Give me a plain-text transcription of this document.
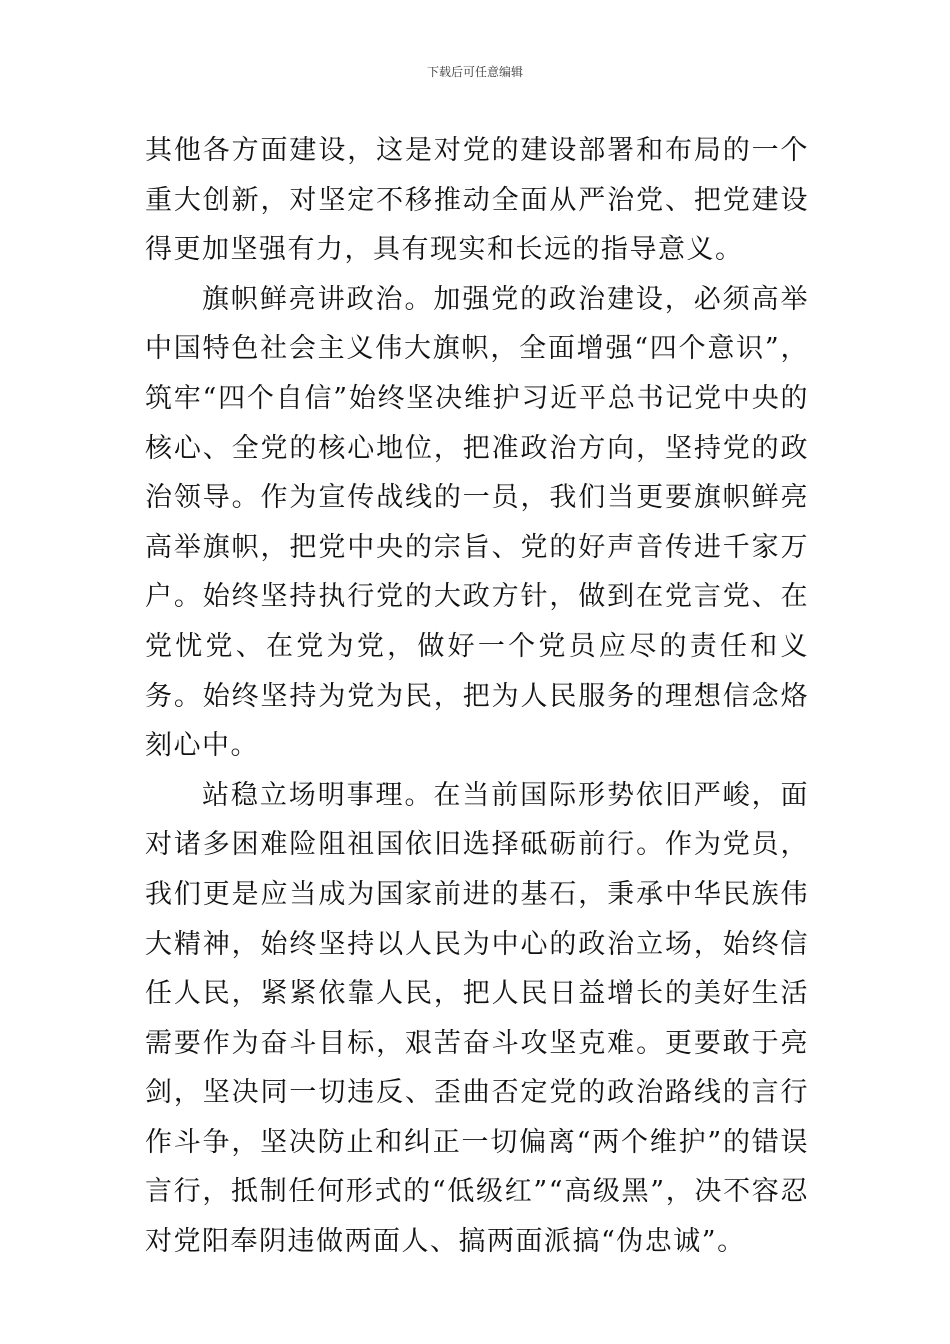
下载后可任意编辑

其他各方面建设，这是对党的建设部署和布局的一个重大创新，对坚定不移推动全面从严治党、把党建设得更加坚强有力，具有现实和长远的指导意义。

旗帜鲜亮讲政治。加强党的政治建设，必须高举中国特色社会主义伟大旗帜，全面增强“四个意识”，筑牢“四个自信”始终坚决维护习近平总书记党中央的核心、全党的核心地位，把准政治方向，坚持党的政治领导。作为宣传战线的一员，我们当更要旗帜鲜亮高举旗帜，把党中央的宗旨、党的好声音传进千家万户。始终坚持执行党的大政方针，做到在党言党、在党忧党、在党为党，做好一个党员应尽的责任和义务。始终坚持为党为民，把为人民服务的理想信念烙刻心中。

站稳立场明事理。在当前国际形势依旧严峻，面对诸多困难险阻祖国依旧选择砥砺前行。作为党员，我们更是应当成为国家前进的基石，秉承中华民族伟大精神，始终坚持以人民为中心的政治立场，始终信任人民，紧紧依靠人民，把人民日益增长的美好生活需要作为奋斗目标，艰苦奋斗攻坚克难。更要敢于亮剑，坚决同一切违反、歪曲否定党的政治路线的言行作斗争，坚决防止和纠正一切偏离“两个维护”的错误言行，抵制任何形式的“低级红”“高级黑”，决不容忍对党阳奉阴违做两面人、搞两面派搞“伪忠诚”。
